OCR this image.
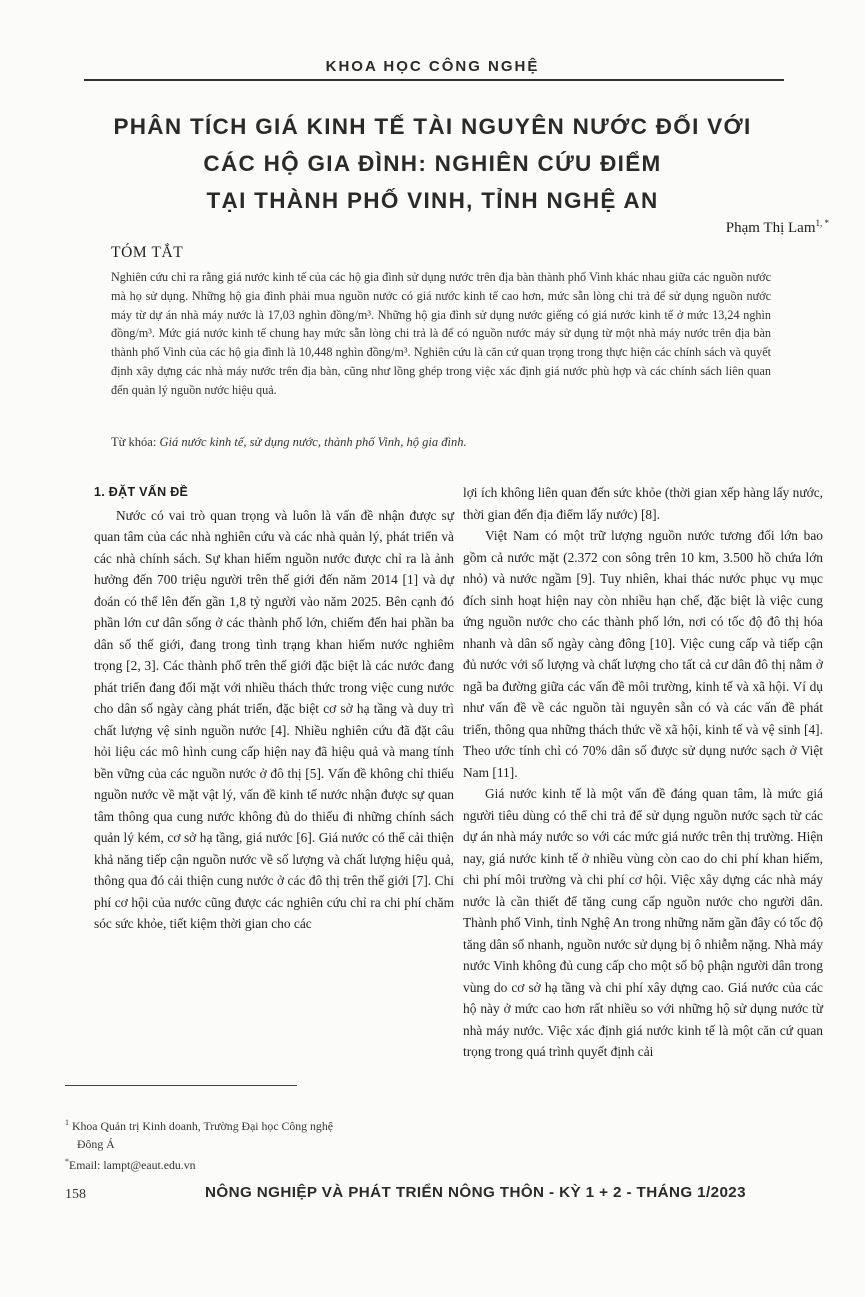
KHOA HỌC CÔNG NGHỆ
PHÂN TÍCH GIÁ KINH TẾ TÀI NGUYÊN NƯỚC ĐỐI VỚI
CÁC HỘ GIA ĐÌNH: NGHIÊN CỨU ĐIỂM
TẠI THÀNH PHỐ VINH, TỈNH NGHỆ AN
Phạm Thị Lam$^{1, *}$
TÓM TẮT

Nghiên cứu chỉ ra rằng giá nước kinh tế của các hộ gia đình sử dụng nước trên địa bàn thành phố Vinh khác nhau giữa các nguồn nước mà họ sử dụng. Những hộ gia đình phải mua nguồn nước có giá nước kinh tế cao hơn, mức sẵn lòng chi trả để sử dụng nguồn nước máy từ dự án nhà máy nước là 17,03 nghìn đồng/m³. Những hộ gia đình sử dụng nước giếng có giá nước kinh tế ở mức 13,24 nghìn đồng/m³. Mức giá nước kinh tế chung hay mức sẵn lòng chi trả là để có nguồn nước máy sử dụng từ một nhà máy nước trên địa bàn thành phố Vinh của các hộ gia đình là 10,448 nghìn đồng/m³. Nghiên cứu là căn cứ quan trọng trong thực hiện các chính sách và quyết định xây dựng các nhà máy nước trên địa bàn, cũng như lồng ghép trong việc xác định giá nước phù hợp và các chính sách liên quan đến quản lý nguồn nước hiệu quả.

Từ khóa: Giá nước kinh tế, sử dụng nước, thành phố Vinh, hộ gia đình.

1. ĐẶT VẤN ĐỀ

Nước có vai trò quan trọng và luôn là vấn đề nhận được sự quan tâm của các nhà nghiên cứu và các nhà quản lý, phát triển và các nhà chính sách. Sự khan hiếm nguồn nước được chỉ ra là ảnh hưởng đến 700 triệu người trên thế giới đến năm 2014 [1] và dự đoán có thể lên đến gần 1,8 tỷ người vào năm 2025. Bên cạnh đó phần lớn cư dân sống ở các thành phố lớn, chiếm đến hai phần ba dân số thế giới, đang trong tình trạng khan hiếm nước nghiêm trọng [2, 3]. Các thành phố trên thế giới đặc biệt là các nước đang phát triển đang đối mặt với nhiều thách thức trong việc cung nước cho dân số ngày càng phát triển, đặc biệt cơ sở hạ tầng và duy trì chất lượng vệ sinh nguồn nước [4]. Nhiều nghiên cứu đã đặt câu hỏi liệu các mô hình cung cấp hiện nay đã hiệu quả và mang tính bền vững của các nguồn nước ở đô thị [5]. Vấn đề không chỉ thiếu nguồn nước về mặt vật lý, vấn đề kinh tế nước nhận được sự quan tâm thông qua cung nước không đủ do thiếu đi những chính sách quản lý kém, cơ sở hạ tầng, giá nước [6]. Giá nước có thể cải thiện khả năng tiếp cận nguồn nước về số lượng và chất lượng hiệu quả, thông qua đó cải thiện cung nước ở các đô thị trên thế giới [7]. Chi phí cơ hội của nước cũng được các nghiên cứu chỉ ra chi phí chăm sóc sức khỏe, tiết kiệm thời gian cho các

lợi ích không liên quan đến sức khỏe (thời gian xếp hàng lấy nước, thời gian đến địa điểm lấy nước) [8].

Việt Nam có một trữ lượng nguồn nước tương đối lớn bao gồm cả nước mặt (2.372 con sông trên 10 km, 3.500 hồ chứa lớn nhỏ) và nước ngầm [9]. Tuy nhiên, khai thác nước phục vụ mục đích sinh hoạt hiện nay còn nhiều hạn chế, đặc biệt là việc cung ứng nguồn nước cho các thành phố lớn, nơi có tốc độ đô thị hóa nhanh và dân số ngày càng đông [10]. Việc cung cấp và tiếp cận đủ nước với số lượng và chất lượng cho tất cả cư dân đô thị nằm ở ngã ba đường giữa các vấn đề môi trường, kinh tế và xã hội. Ví dụ như vấn đề về các nguồn tài nguyên sẵn có và các vấn đề phát triển, thông qua những thách thức về xã hội, kinh tế và vệ sinh [4]. Theo ước tính chỉ có 70% dân số được sử dụng nước sạch ở Việt Nam [11].

Giá nước kinh tế là một vấn đề đáng quan tâm, là mức giá người tiêu dùng có thể chi trả để sử dụng nguồn nước sạch từ các dự án nhà máy nước so với các mức giá nước trên thị trường. Hiện nay, giá nước kinh tế ở nhiều vùng còn cao do chi phí khan hiếm, chi phí môi trường và chi phí cơ hội. Việc xây dựng các nhà máy nước là cần thiết để tăng cung cấp nguồn nước cho người dân. Thành phố Vinh, tỉnh Nghệ An trong những năm gần đây có tốc độ tăng dân số nhanh, nguồn nước sử dụng bị ô nhiễm nặng. Nhà máy nước Vinh không đủ cung cấp cho một số bộ phận người dân trong vùng do cơ sở hạ tầng và chi phí xây dựng cao. Giá nước của các hộ này ở mức cao hơn rất nhiều so với những hộ sử dụng nước từ nhà máy nước. Việc xác định giá nước kinh tế là một căn cứ quan trọng trong quá trình quyết định cải

$^1$ Khoa Quản trị Kinh doanh, Trường Đại học Công nghệ
Đông Á
*Email: lampt@eaut.edu.vn
158	NÔNG NGHIỆP VÀ PHÁT TRIỂN NÔNG THÔN - KỲ 1 + 2 - THÁNG 1/2023
